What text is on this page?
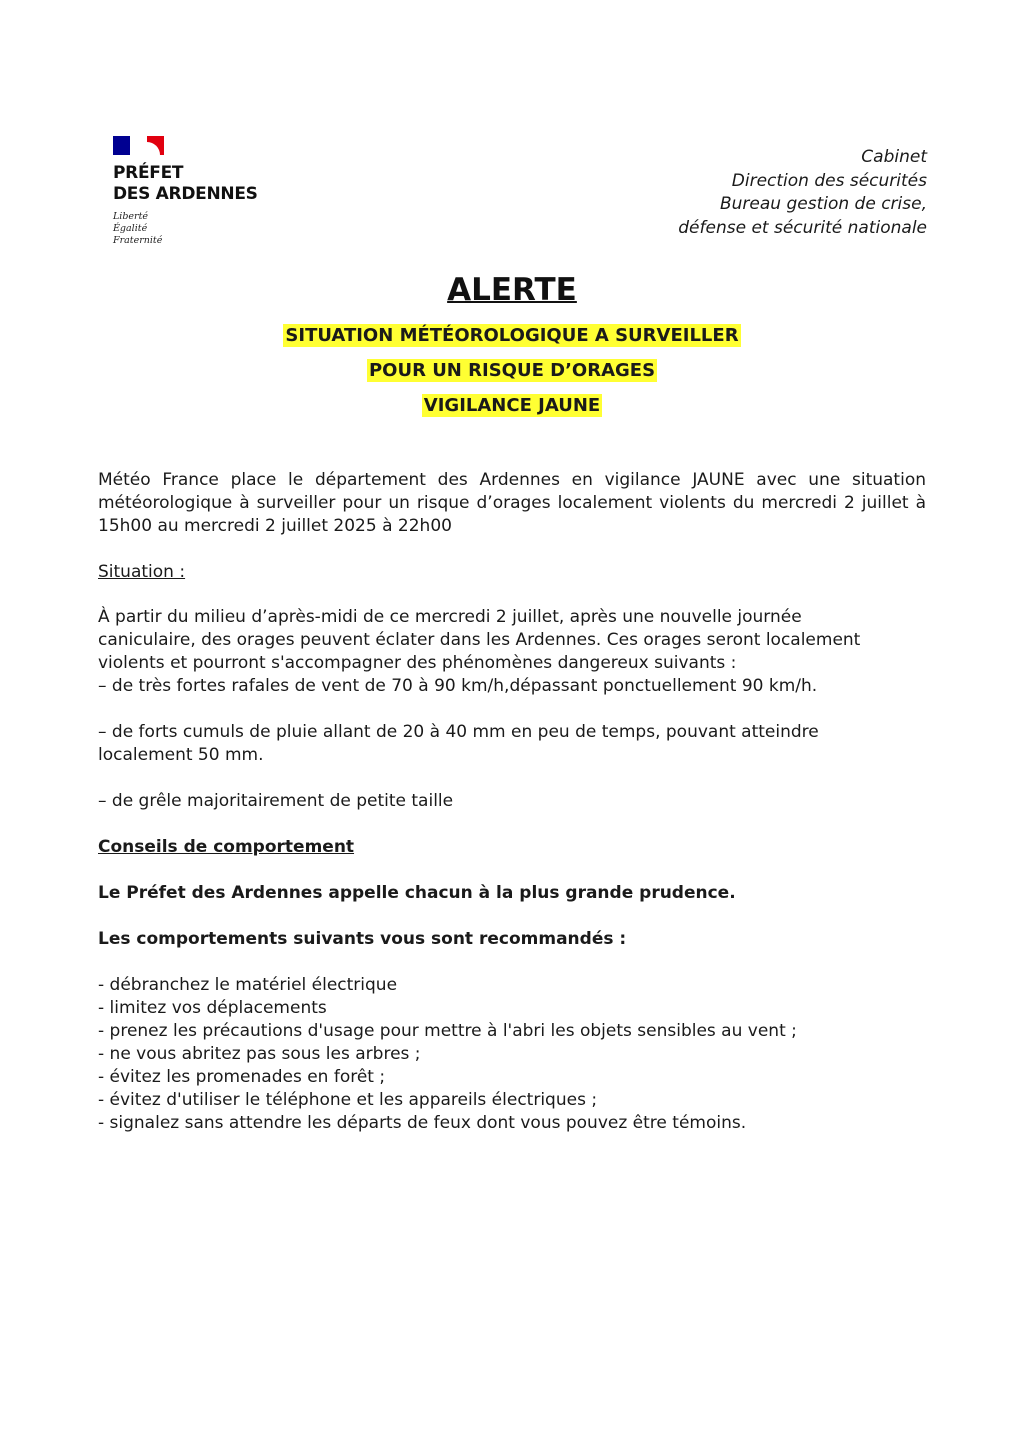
PRÉFET
DES ARDENNES
Liberté
Égalité
Fraternité
Cabinet
Direction des sécurités
Bureau gestion de crise,
défense et sécurité nationale
ALERTE
SITUATION MÉTÉOROLOGIQUE A SURVEILLER
POUR UN RISQUE D’ORAGES
VIGILANCE JAUNE
Météo France place le département des Ardennes en vigilance JAUNE avec une situation météorologique à surveiller pour un risque d’orages localement violents du mercredi 2 juillet à 15h00 au mercredi 2 juillet 2025 à 22h00
Situation :
À partir du milieu d’après-midi de ce mercredi 2 juillet, après une nouvelle journée
caniculaire, des orages peuvent éclater dans les Ardennes. Ces orages seront localement
violents et pourront s'accompagner des phénomènes dangereux suivants :
– de très fortes rafales de vent de 70 à 90 km/h,dépassant ponctuellement 90 km/h.
– de forts cumuls de pluie allant de 20 à 40 mm en peu de temps, pouvant atteindre
localement 50 mm.
– de grêle majoritairement de petite taille
Conseils de comportement
Le Préfet des Ardennes appelle chacun à la plus grande prudence.
Les comportements suivants vous sont recommandés :
- débranchez le matériel électrique
- limitez vos déplacements
- prenez les précautions d'usage pour mettre à l'abri les objets sensibles au vent ;
- ne vous abritez pas sous les arbres ;
- évitez les promenades en forêt ;
- évitez d'utiliser le téléphone et les appareils électriques ;
- signalez sans attendre les départs de feux dont vous pouvez être témoins.
